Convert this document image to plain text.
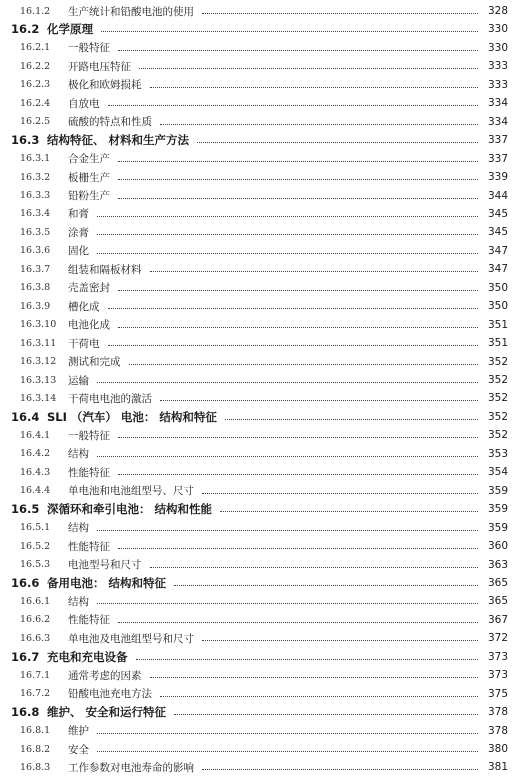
16.1.2	生产统计和铅酸电池的使用	328
16.2 化学原理	330
16.2.1	一般特征	330
16.2.2	开路电压特征	333
16.2.3	极化和欧姆损耗	333
16.2.4	自放电	334
16.2.5	硫酸的特点和性质	334
16.3 结构特征、 材料和生产方法	337
16.3.1	合金生产	337
16.3.2	板栅生产	339
16.3.3	铅粉生产	344
16.3.4	和膏	345
16.3.5	涂膏	345
16.3.6	固化	347
16.3.7	组装和隔板材料	347
16.3.8	壳盖密封	350
16.3.9	槽化成	350
16.3.10	电池化成	351
16.3.11	干荷电	351
16.3.12	测试和完成	352
16.3.13	运输	352
16.3.14	干荷电电池的激活	352
16.4 SLI （汽车） 电池： 结构和特征	352
16.4.1	一般特征	352
16.4.2	结构	353
16.4.3	性能特征	354
16.4.4	单电池和电池组型号、尺寸	359
16.5 深循环和牵引电池： 结构和性能	359
16.5.1	结构	359
16.5.2	性能特征	360
16.5.3	电池型号和尺寸	363
16.6 备用电池： 结构和特征	365
16.6.1	结构	365
16.6.2	性能特征	367
16.6.3	单电池及电池组型号和尺寸	372
16.7 充电和充电设备	373
16.7.1	通常考虑的因素	373
16.7.2	铅酸电池充电方法	375
16.8 维护、 安全和运行特征	378
16.8.1	维护	378
16.8.2	安全	380
16.8.3	工作参数对电池寿命的影响	381
